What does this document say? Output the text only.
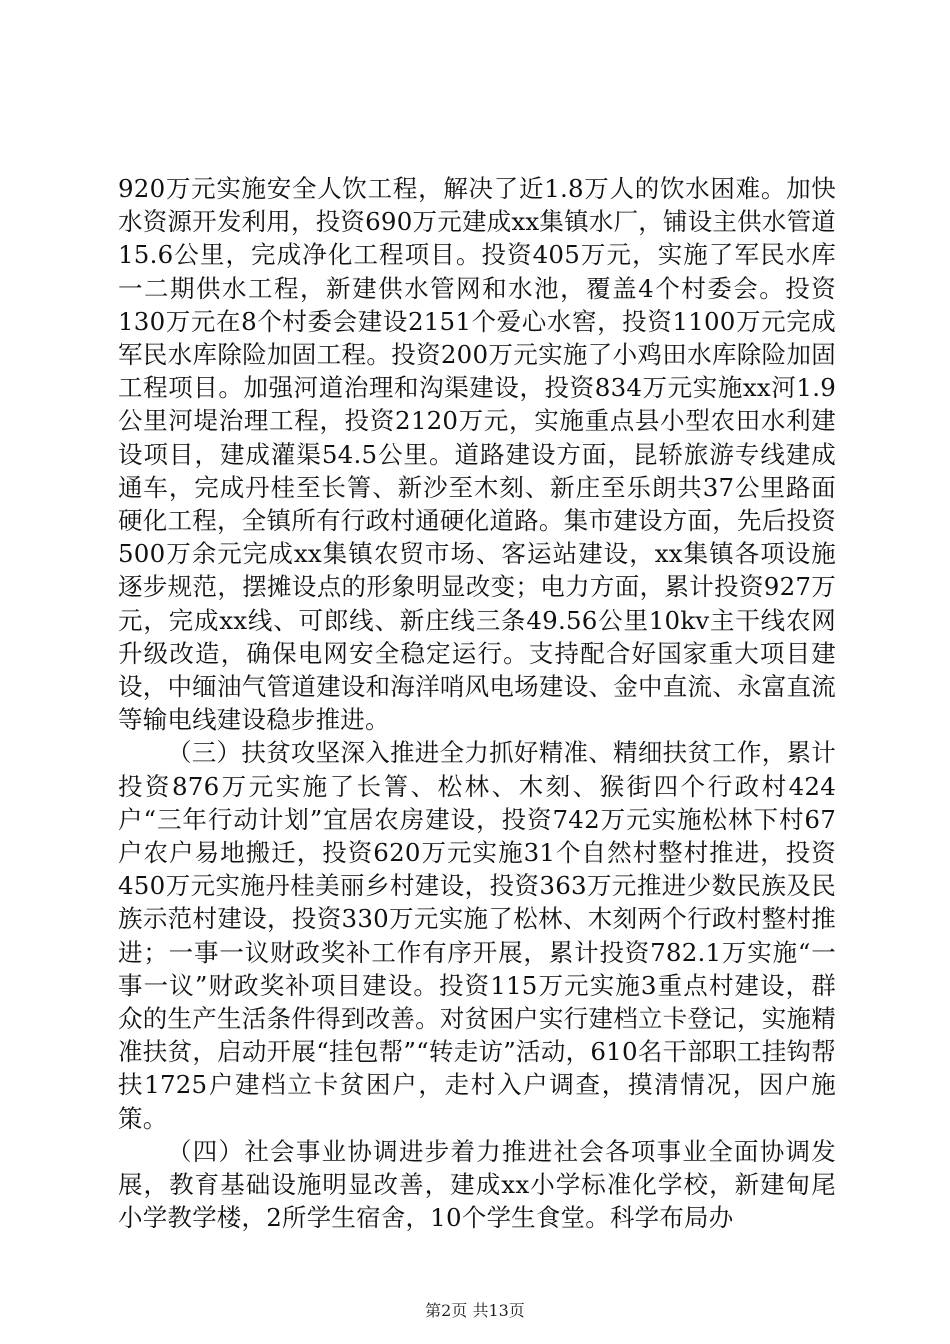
920万元实施安全人饮工程，解决了近1.8万人的饮水困难。加快水资源开发利用，投资690万元建成xx集镇水厂，铺设主供水管道15.6公里，完成净化工程项目。投资405万元，实施了军民水库一二期供水工程，新建供水管网和水池，覆盖4个村委会。投资130万元在8个村委会建设2151个爱心水窖，投资1100万元完成军民水库除险加固工程。投资200万元实施了小鸡田水库除险加固工程项目。加强河道治理和沟渠建设，投资834万元实施xx河1.9公里河堤治理工程，投资2120万元，实施重点县小型农田水利建设项目，建成灌渠54.5公里。道路建设方面，昆轿旅游专线建成通车，完成丹桂至长箐、新沙至木刻、新庄至乐朗共37公里路面硬化工程，全镇所有行政村通硬化道路。集市建设方面，先后投资500万余元完成xx集镇农贸市场、客运站建设，xx集镇各项设施逐步规范，摆摊设点的形象明显改变；电力方面，累计投资927万元，完成xx线、可郎线、新庄线三条49.56公里10kv主干线农网升级改造，确保电网安全稳定运行。支持配合好国家重大项目建设，中缅油气管道建设和海洋哨风电场建设、金中直流、永富直流等输电线建设稳步推进。

（三）扶贫攻坚深入推进全力抓好精准、精细扶贫工作，累计投资876万元实施了长箐、松林、木刻、猴街四个行政村424户“三年行动计划”宜居农房建设，投资742万元实施松林下村67户农户易地搬迁，投资620万元实施31个自然村整村推进，投资450万元实施丹桂美丽乡村建设，投资363万元推进少数民族及民族示范村建设，投资330万元实施了松林、木刻两个行政村整村推进；一事一议财政奖补工作有序开展，累计投资782.1万实施“一事一议”财政奖补项目建设。投资115万元实施3重点村建设，群众的生产生活条件得到改善。对贫困户实行建档立卡登记，实施精准扶贫，启动开展“挂包帮”“转走访”活动，610名干部职工挂钩帮扶1725户建档立卡贫困户，走村入户调查，摸清情况，因户施策。

（四）社会事业协调进步着力推进社会各项事业全面协调发展，教育基础设施明显改善，建成xx小学标准化学校，新建甸尾小学教学楼，2所学生宿舍，10个学生食堂。科学布局办

第2页 共13页
